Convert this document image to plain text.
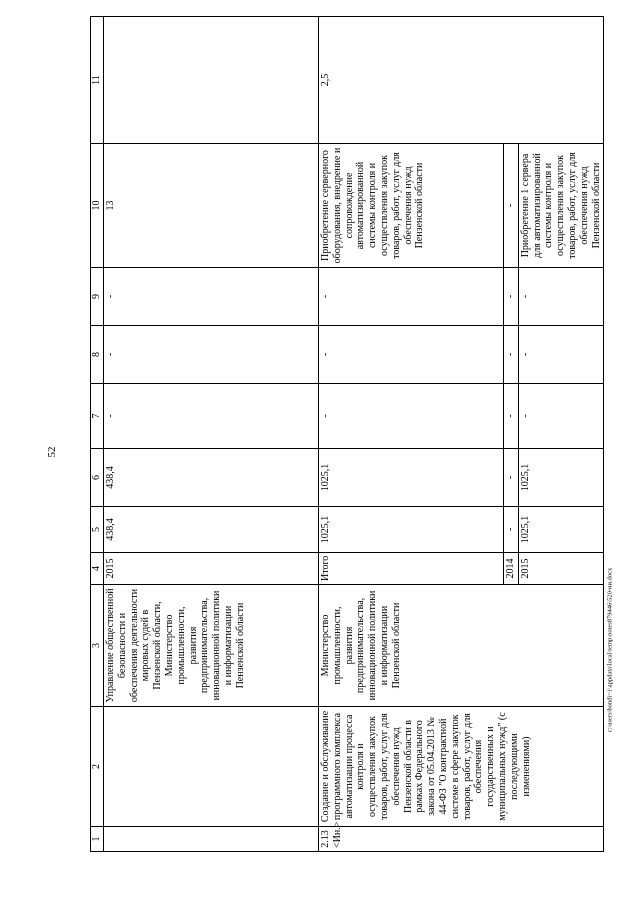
52
c:\users\bondi~1\appdata\local\temp\notes879446\520-ии.docx
1	2	3	4	5	6	7	8	9	10	11
		Управление общественной безопасности и обеспечения деятельности мировых судей в Пензенской области, Министерство промышленности, развития предпринимательства, инновационной политики и информатизации Пензенской области	2015	438,4	438,4	-	-	-	13	
2.13 <Ин.>	Создание и обслуживание программного комплекса автоматизации процесса контроля и осуществления закупок товаров, работ, услуг для обеспечения нужд Пензенской области в рамках Федерального закона от 05.04.2013 № 44-ФЗ "О контрактной системе в сфере закупок товаров, работ, услуг для обеспечения государственных и муниципальных нужд" (с последующими изменениями)	Министерство промышленности, развития предпринимательства, инновационной политики и информатизации Пензенской области	Итого	1025,1	1025,1	-	-	-	Приобретение серверного оборудования, внедрение и сопровождение автоматизированной системы контроля и осуществления закупок товаров, работ, услуг для обеспечения нужд Пензенской области	2,5
			2014	-	-	-	-	-	-	
			2015	1025,1	1025,1	-	-	-	Приобретение 1 сервера для автоматизированной системы контроля и осуществления закупок товаров, работ, услуг для обеспечения нужд Пензенской области	
